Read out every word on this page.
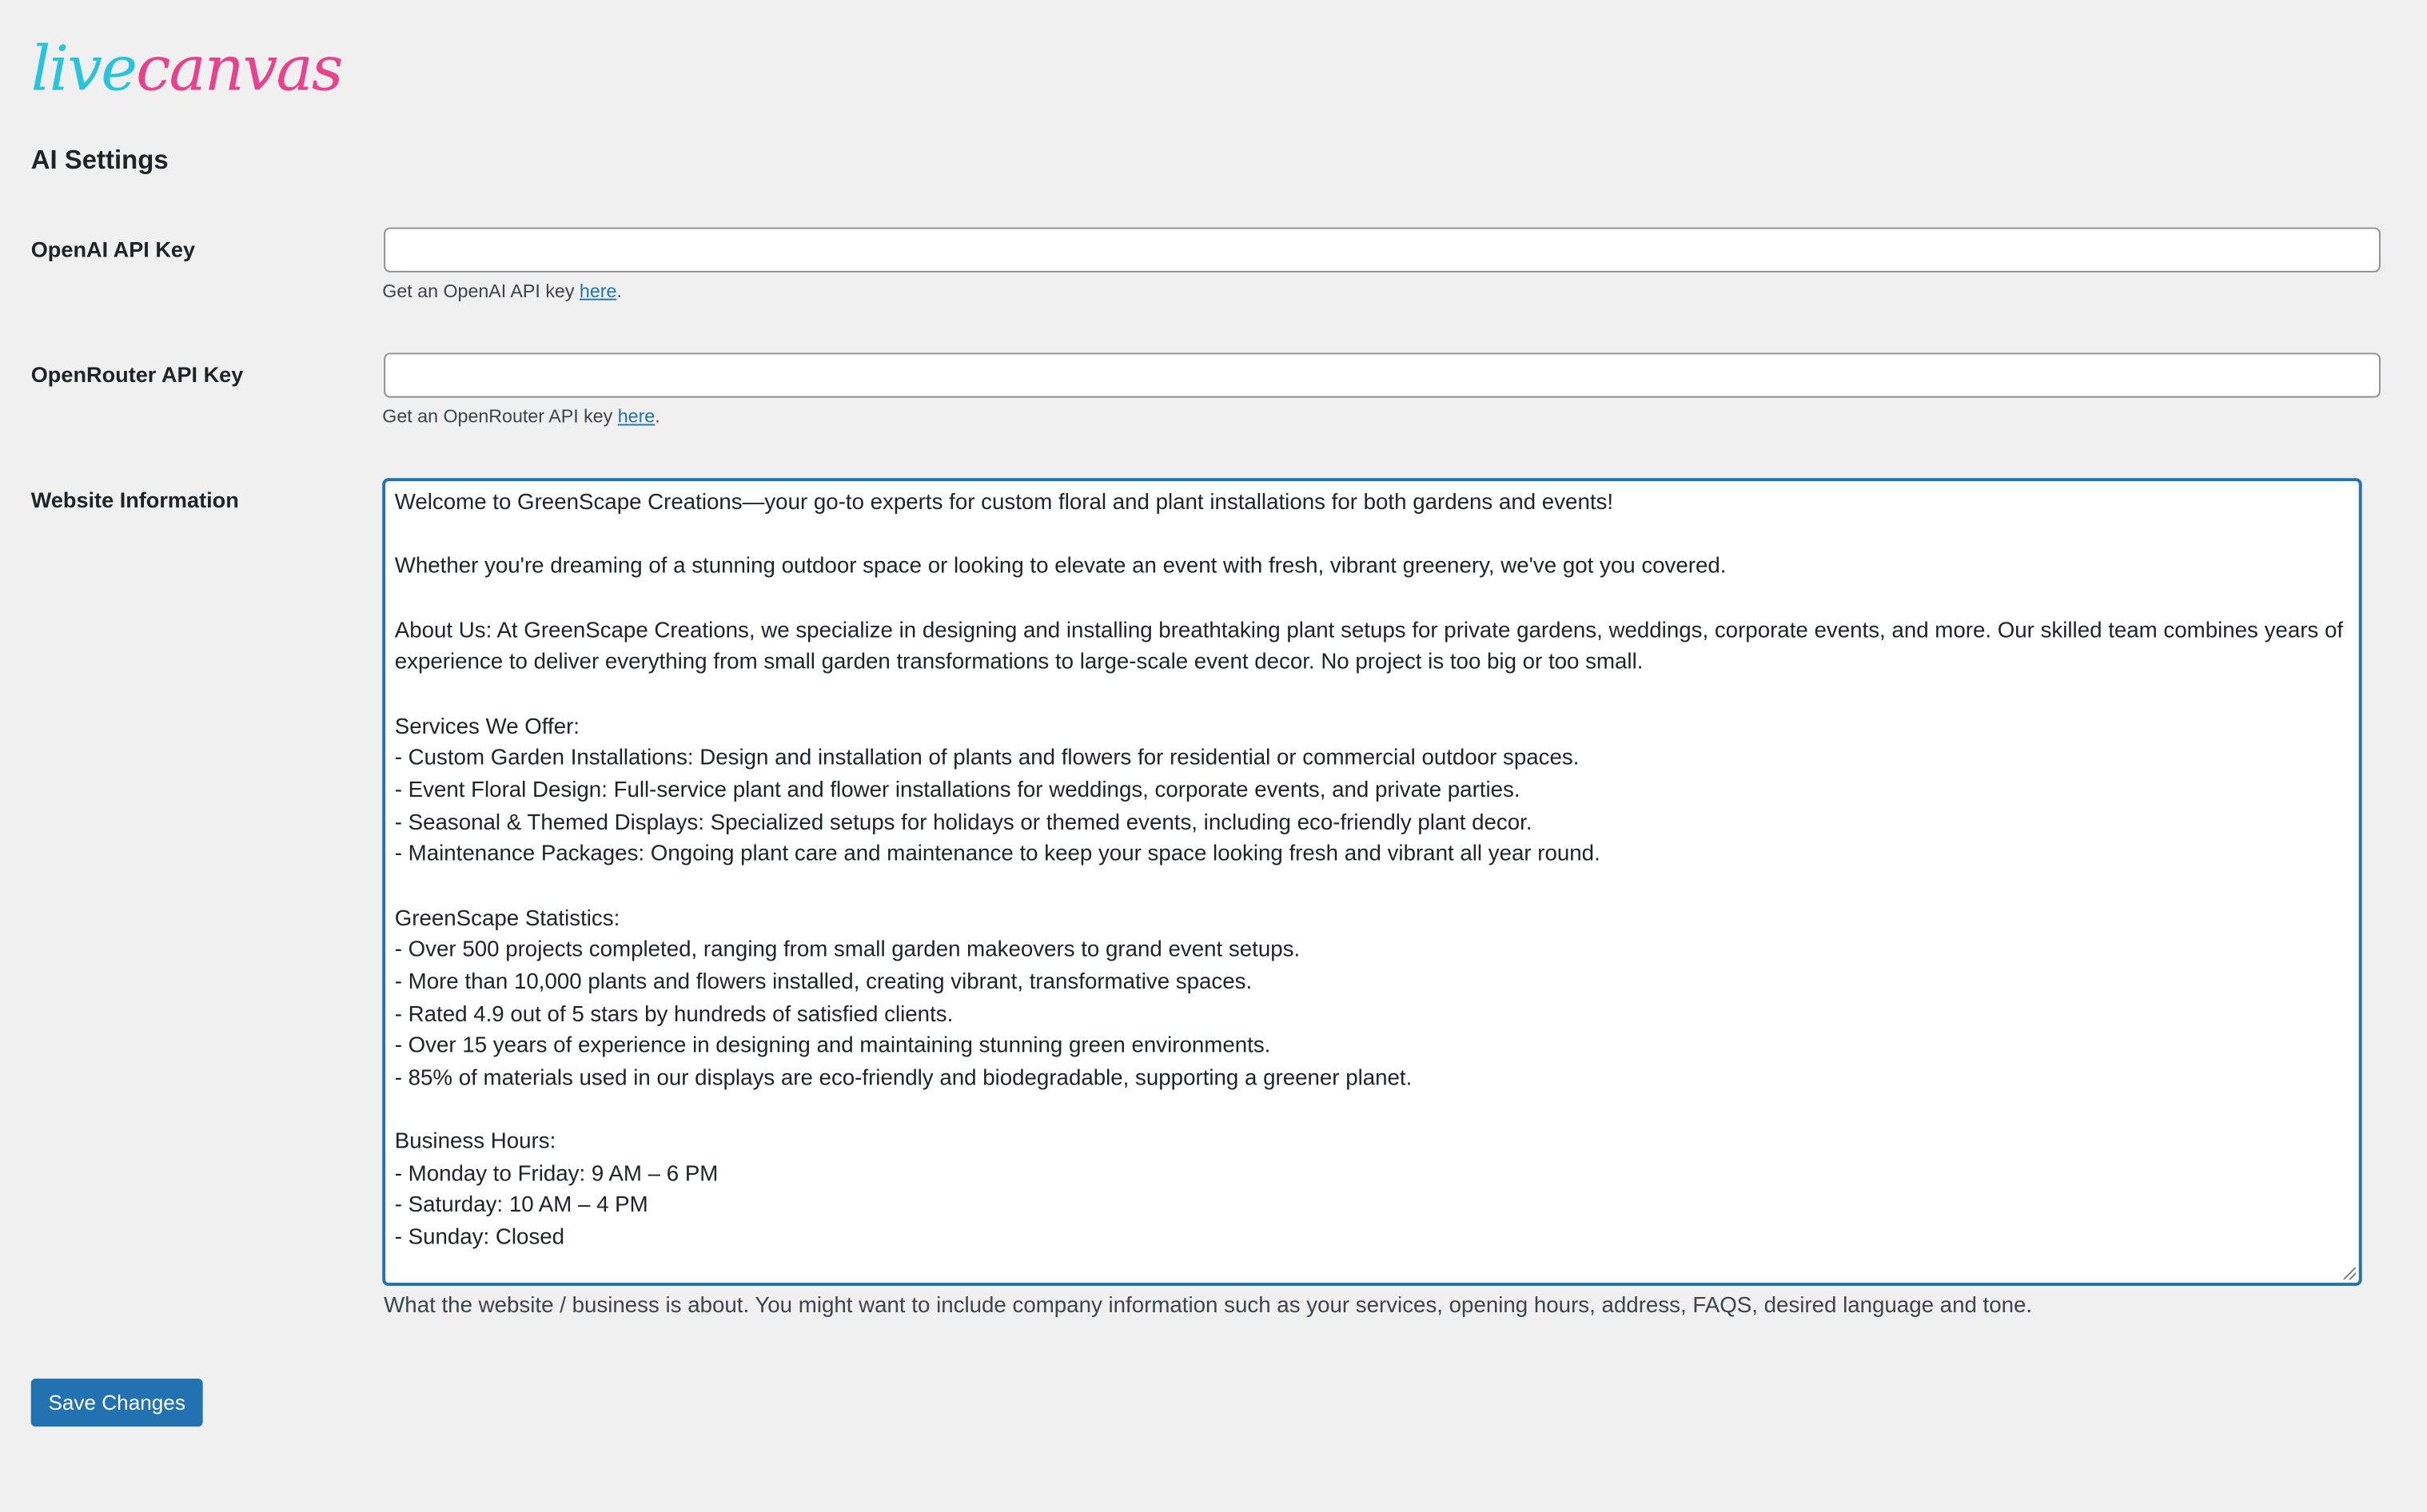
livecanvas
AI Settings
OpenAI API Key
Get an OpenAI API key here.
OpenRouter API Key
Get an OpenRouter API key here.
Website Information	Welcome to GreenScape Creations—your go-to experts for custom floral and plant installations for both gardens and events!

Whether you're dreaming of a stunning outdoor space or looking to elevate an event with fresh, vibrant greenery, we've got you covered.

About Us: At GreenScape Creations, we specialize in designing and installing breathtaking plant setups for private gardens, weddings, corporate events, and more. Our skilled team combines years of experience to deliver everything from small garden transformations to large-scale event decor. No project is too big or too small.

Services We Offer:
- Custom Garden Installations: Design and installation of plants and flowers for residential or commercial outdoor spaces.
- Event Floral Design: Full-service plant and flower installations for weddings, corporate events, and private parties.
- Seasonal & Themed Displays: Specialized setups for holidays or themed events, including eco-friendly plant decor.
- Maintenance Packages: Ongoing plant care and maintenance to keep your space looking fresh and vibrant all year round.

GreenScape Statistics:
- Over 500 projects completed, ranging from small garden makeovers to grand event setups.
- More than 10,000 plants and flowers installed, creating vibrant, transformative spaces.
- Rated 4.9 out of 5 stars by hundreds of satisfied clients.
- Over 15 years of experience in designing and maintaining stunning green environments.
- 85% of materials used in our displays are eco-friendly and biodegradable, supporting a greener planet.

Business Hours:
- Monday to Friday: 9 AM – 6 PM
- Saturday: 10 AM – 4 PM
- Sunday: Closed
What the website / business is about. You might want to include company information such as your services, opening hours, address, FAQS, desired language and tone.
Save Changes
